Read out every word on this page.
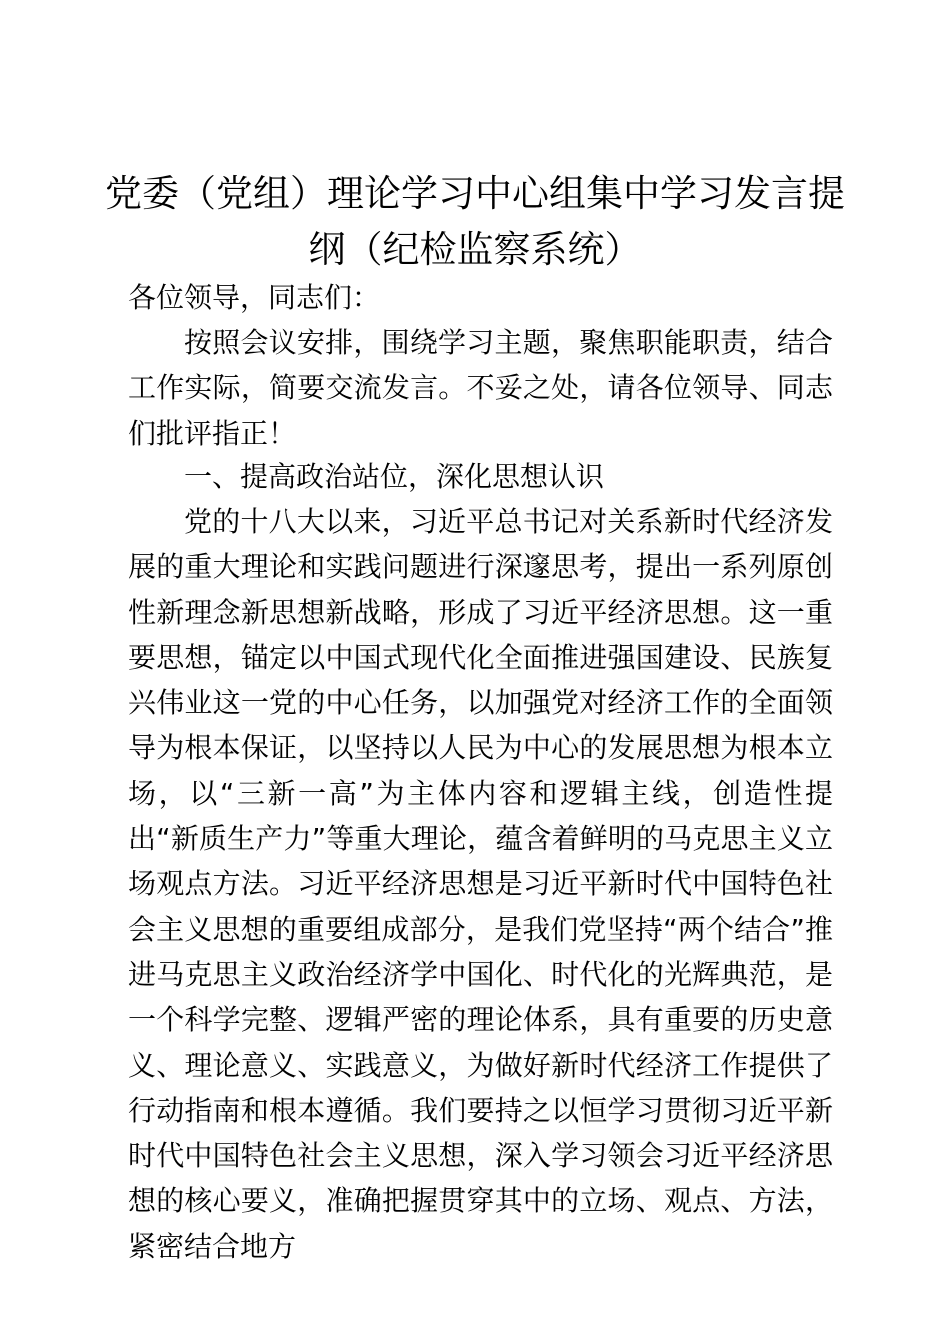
党委（党组）理论学习中心组集中学习发言提纲（纪检监察系统）

各位领导，同志们：

按照会议安排，围绕学习主题，聚焦职能职责，结合工作实际，简要交流发言。不妥之处，请各位领导、同志们批评指正！

一、提高政治站位，深化思想认识

党的十八大以来，习近平总书记对关系新时代经济发展的重大理论和实践问题进行深邃思考，提出一系列原创性新理念新思想新战略，形成了习近平经济思想。这一重要思想，锚定以中国式现代化全面推进强国建设、民族复兴伟业这一党的中心任务，以加强党对经济工作的全面领导为根本保证，以坚持以人民为中心的发展思想为根本立场，以“三新一高”为主体内容和逻辑主线，创造性提出“新质生产力”等重大理论，蕴含着鲜明的马克思主义立场观点方法。习近平经济思想是习近平新时代中国特色社会主义思想的重要组成部分，是我们党坚持“两个结合”推进马克思主义政治经济学中国化、时代化的光辉典范，是一个科学完整、逻辑严密的理论体系，具有重要的历史意义、理论意义、实践意义，为做好新时代经济工作提供了行动指南和根本遵循。我们要持之以恒学习贯彻习近平新时代中国特色社会主义思想，深入学习领会习近平经济思想的核心要义，准确把握贯穿其中的立场、观点、方法，紧密结合地方
